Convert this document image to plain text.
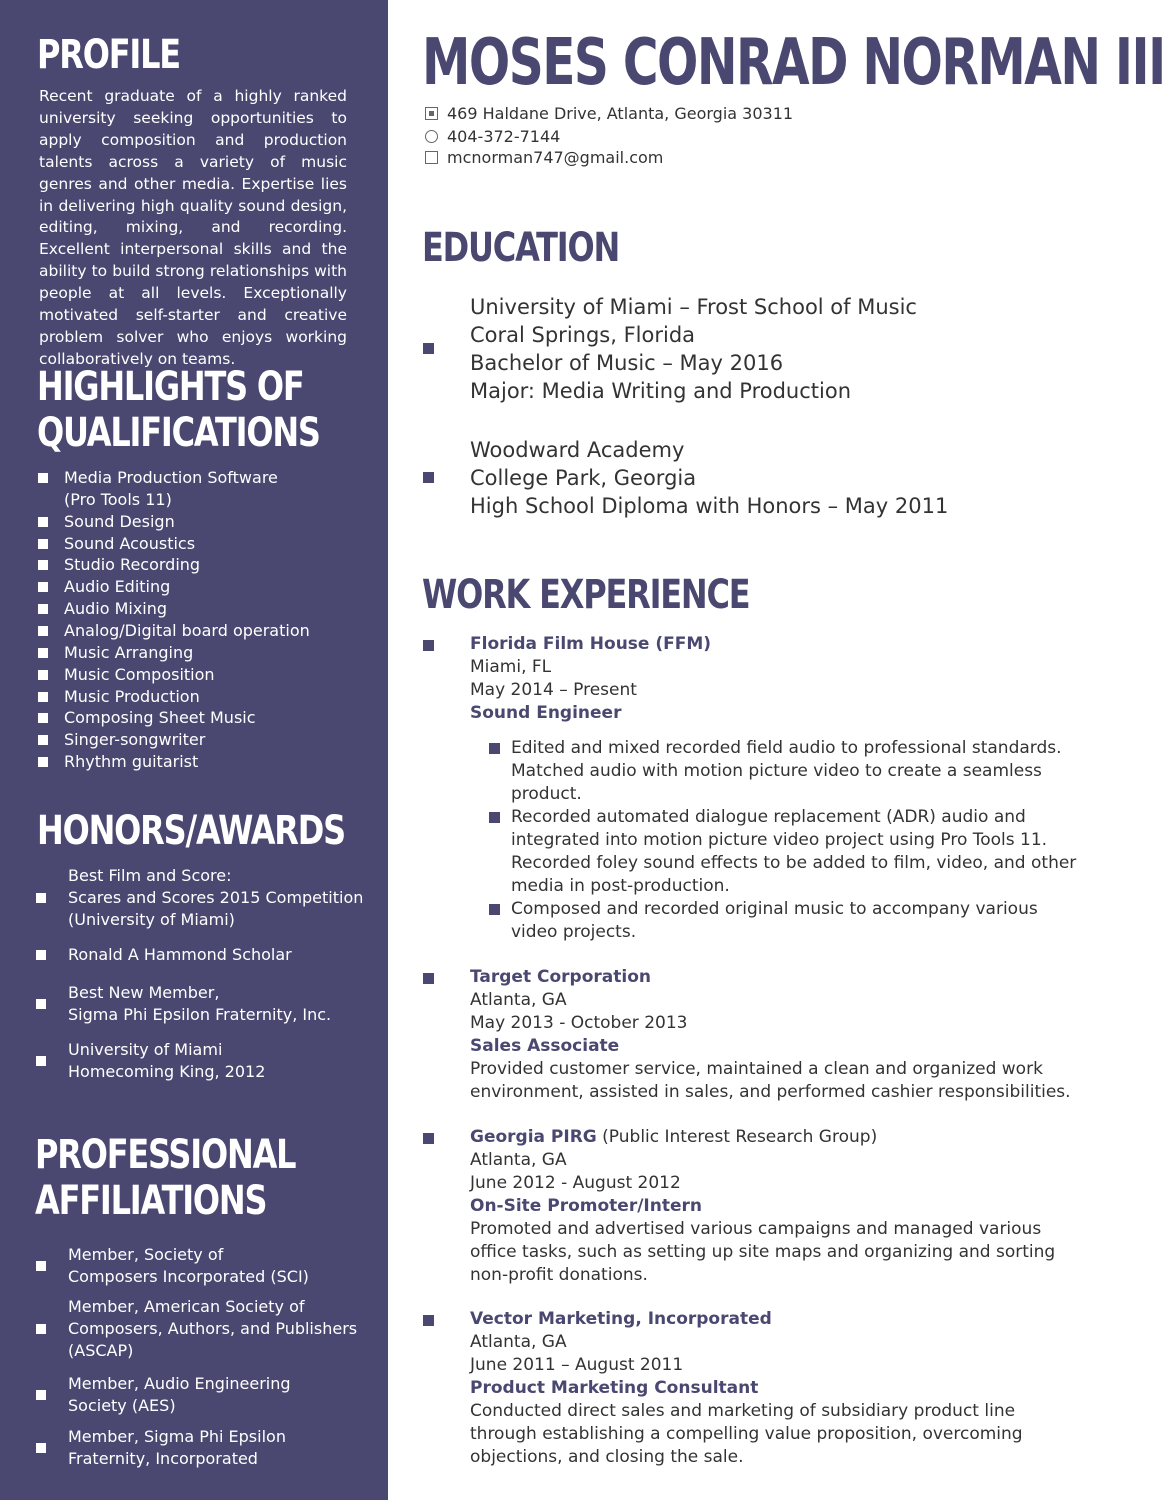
PROFILE

Recent graduate of a highly ranked university seeking opportunities to apply composition and production talents across a variety of music genres and other media. Expertise lies in delivering high quality sound design, editing, mixing, and recording. Excellent interpersonal skills and the ability to build strong relationships with people at all levels. Exceptionally motivated self-starter and creative problem solver who enjoys working collaboratively on teams.

HIGHLIGHTS OF
QUALIFICATIONS
Media Production Software
(Pro Tools 11)
Sound Design
Sound Acoustics
Studio Recording
Audio Editing
Audio Mixing
Analog/Digital board operation
Music Arranging
Music Composition
Music Production
Composing Sheet Music
Singer-songwriter
Rhythm guitarist
HONORS/AWARDS
Best Film and Score:
Scares and Scores 2015 Competition
(University of Miami)
Ronald A Hammond Scholar
Best New Member,
Sigma Phi Epsilon Fraternity, Inc.
University of Miami
Homecoming King, 2012
PROFESSIONAL
AFFILIATIONS
Member, Society of
Composers Incorporated (SCI)
Member, American Society of
Composers, Authors, and Publishers
(ASCAP)
Member, Audio Engineering
Society (AES)
Member, Sigma Phi Epsilon
Fraternity, Incorporated
MOSES CONRAD NORMAN III
469 Haldane Drive, Atlanta, Georgia 30311
404-372-7144
mcnorman747@gmail.com
EDUCATION
University of Miami – Frost School of Music
Coral Springs, Florida
Bachelor of Music – May 2016
Major: Media Writing and Production
Woodward Academy
College Park, Georgia
High School Diploma with Honors – May 2011
WORK EXPERIENCE
Florida Film House (FFM)
Miami, FL
May 2014 – Present
Sound Engineer
Edited and mixed recorded field audio to professional standards.
Matched audio with motion picture video to create a seamless
product.
Recorded automated dialogue replacement (ADR) audio and
integrated into motion picture video project using Pro Tools 11.
Recorded foley sound effects to be added to film, video, and other
media in post-production.
Composed and recorded original music to accompany various
video projects.
Target Corporation
Atlanta, GA
May 2013 - October 2013
Sales Associate
Provided customer service, maintained a clean and organized work
environment, assisted in sales, and performed cashier responsibilities.
Georgia PIRG (Public Interest Research Group)
Atlanta, GA
June 2012 - August 2012
On-Site Promoter/Intern
Promoted and advertised various campaigns and managed various
office tasks, such as setting up site maps and organizing and sorting
non-profit donations.
Vector Marketing, Incorporated
Atlanta, GA
June 2011 – August 2011
Product Marketing Consultant
Conducted direct sales and marketing of subsidiary product line
through establishing a compelling value proposition, overcoming
objections, and closing the sale.
